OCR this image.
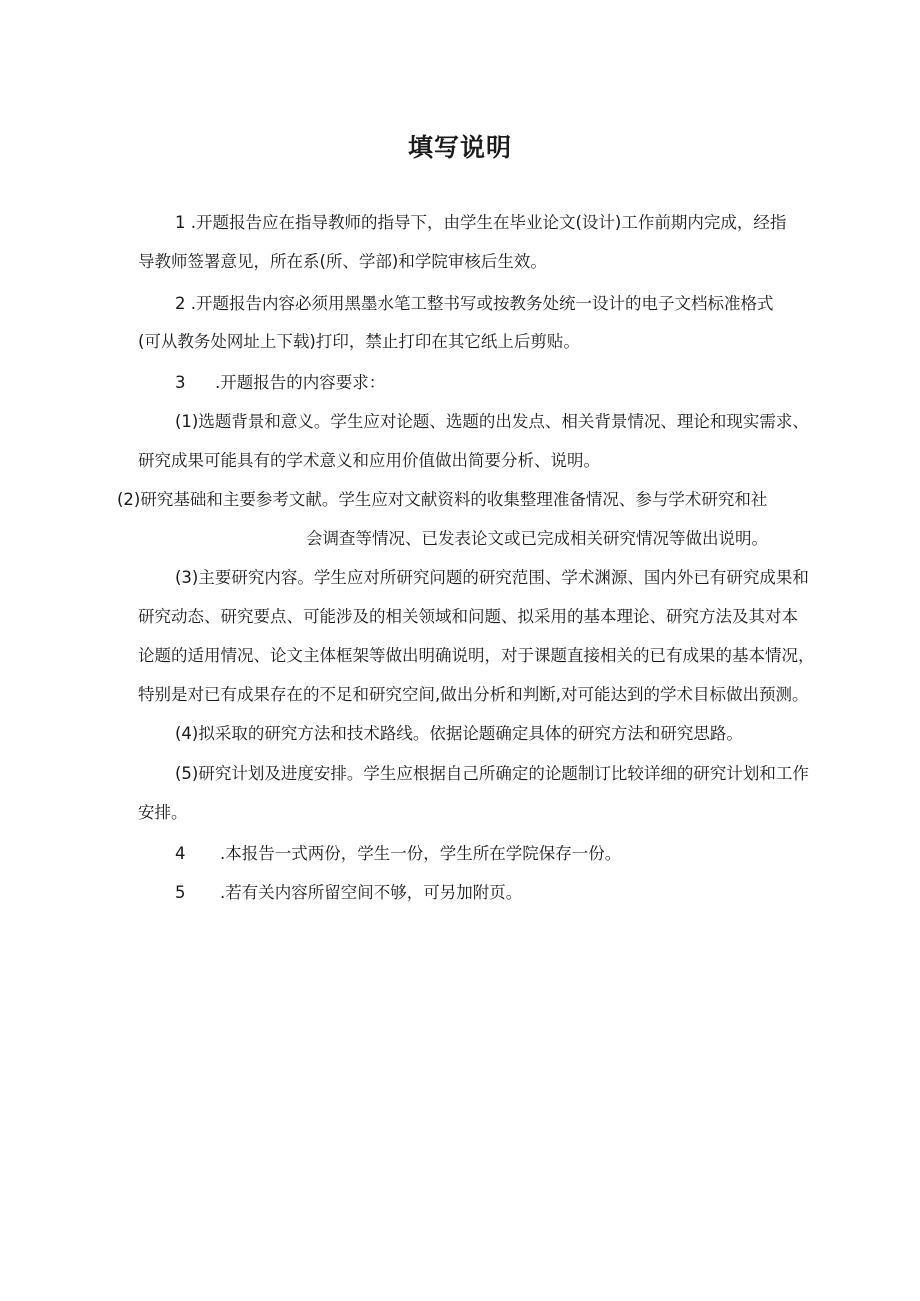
填写说明
1 .开题报告应在指导教师的指导下，由学生在毕业论文(设计)工作前期内完成，经指
导教师签署意见，所在系(所、学部)和学院审核后生效。
2 .开题报告内容必须用黑墨水笔工整书写或按教务处统一设计的电子文档标准格式
(可从教务处网址上下载)打印，禁止打印在其它纸上后剪贴。
3 .开题报告的内容要求：
(1)选题背景和意义。学生应对论题、选题的出发点、相关背景情况、理论和现实需求、
研究成果可能具有的学术意义和应用价值做出简要分析、说明。
(2)研究基础和主要参考文献。学生应对文献资料的收集整理准备情况、参与学术研究和社
会调查等情况、已发表论文或已完成相关研究情况等做出说明。
(3)主要研究内容。学生应对所研究问题的研究范围、学术渊源、国内外已有研究成果和
研究动态、研究要点、可能涉及的相关领域和问题、拟采用的基本理论、研究方法及其对本
论题的适用情况、论文主体框架等做出明确说明，对于课题直接相关的已有成果的基本情况，
特别是对已有成果存在的不足和研究空间,做出分析和判断,对可能达到的学术目标做出预测。
(4)拟采取的研究方法和技术路线。依据论题确定具体的研究方法和研究思路。
(5)研究计划及进度安排。学生应根据自己所确定的论题制订比较详细的研究计划和工作
安排。
4 .本报告一式两份，学生一份，学生所在学院保存一份。
5 .若有关内容所留空间不够，可另加附页。
